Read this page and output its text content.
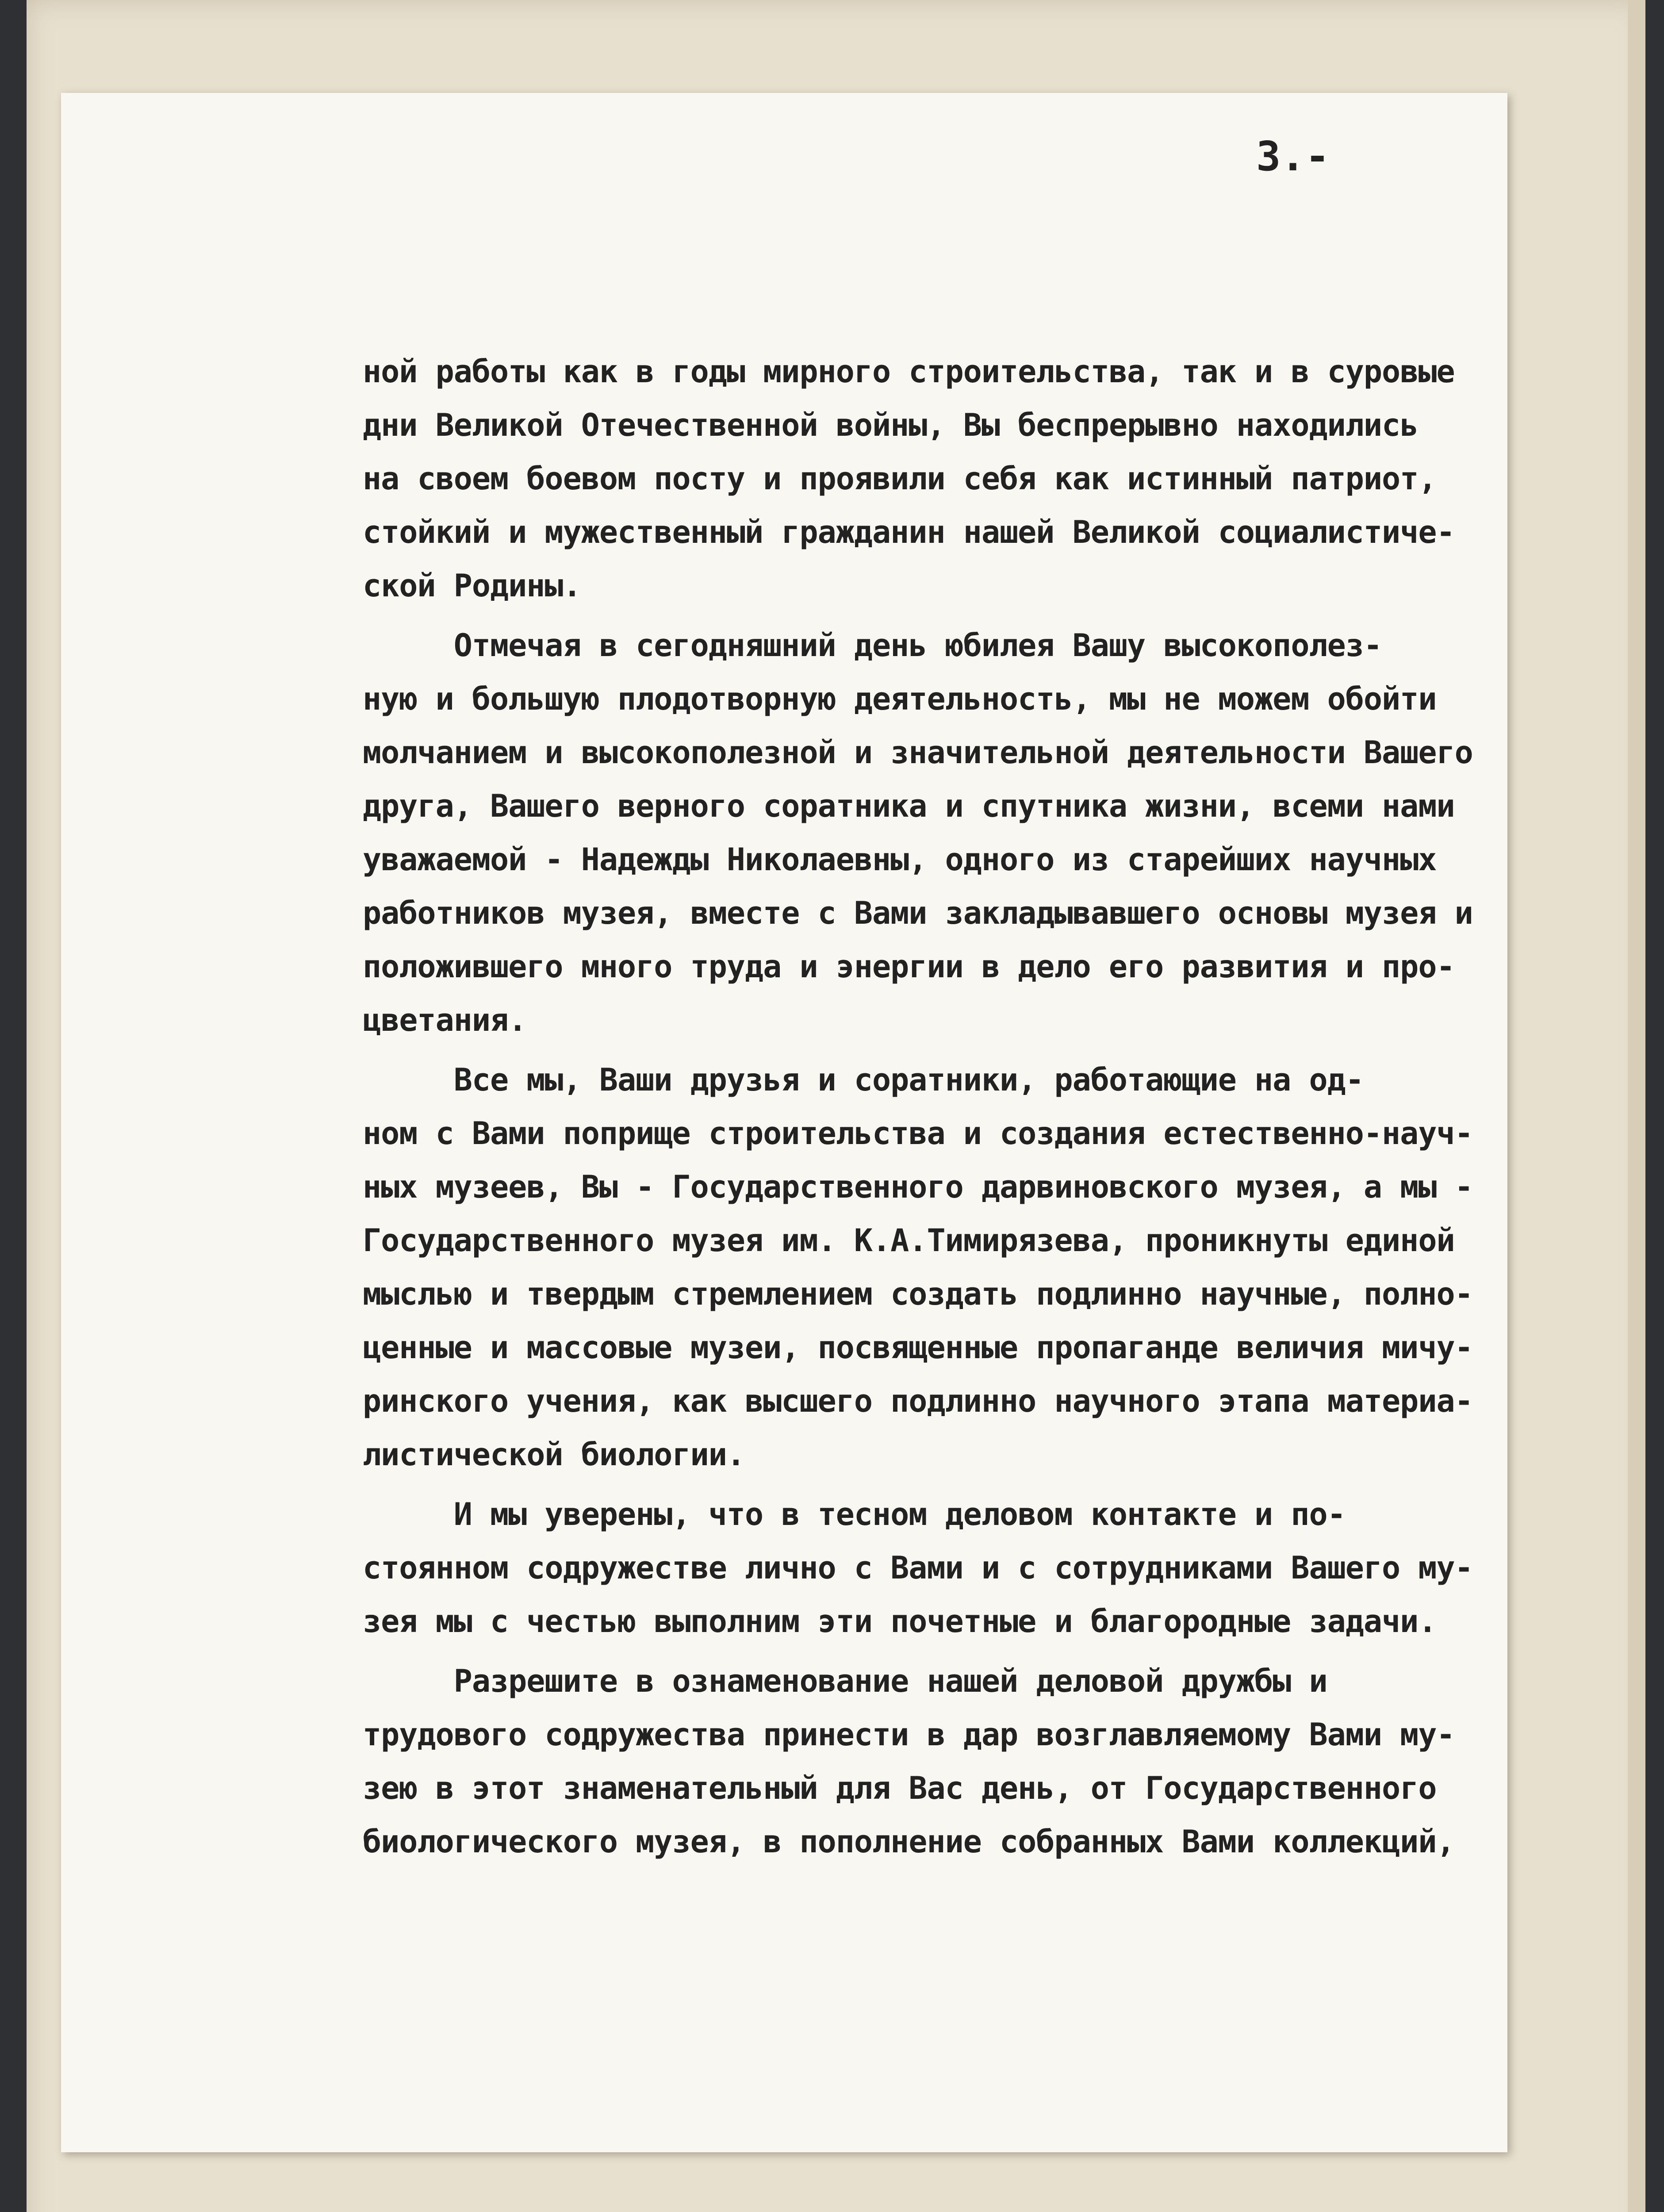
3.-

ной работы как в годы мирного строительства, так и в суровые
дни Великой Отечественной войны, Вы беспрерывно находились
на своем боевом посту и проявили себя как истинный патриот,
стойкий и мужественный гражданин нашей Великой социалистиче-
ской Родины.
Отмечая в сегодняшний день юбилея Вашу высокополез-
ную и большую плодотворную деятельность, мы не можем обойти
молчанием и высокополезной и значительной деятельности Вашего
друга, Вашего верного соратника и спутника жизни, всеми нами
уважаемой - Надежды Николаевны, одного из старейших научных
работников музея, вместе с Вами закладывавшего основы музея и
положившего много труда и энергии в дело его развития и про-
цветания.
Все мы, Ваши друзья и соратники, работающие на од-
ном с Вами поприще строительства и создания естественно-науч-
ных музеев, Вы - Государственного дарвиновского музея, а мы -
Государственного музея им. К.А.Тимирязева, проникнуты единой
мыслью и твердым стремлением создать подлинно научные, полно-
ценные и массовые музеи, посвященные пропаганде величия мичу-
ринского учения, как высшего подлинно научного этапа материа-
листической биологии.
И мы уверены, что в тесном деловом контакте и по-
стоянном содружестве лично с Вами и с сотрудниками Вашего му-
зея мы с честью выполним эти почетные и благородные задачи.
Разрешите в ознаменование нашей деловой дружбы и
трудового содружества принести в дар возглавляемому Вами му-
зею в этот знаменательный для Вас день, от Государственного
биологического музея, в пополнение собранных Вами коллекций,
